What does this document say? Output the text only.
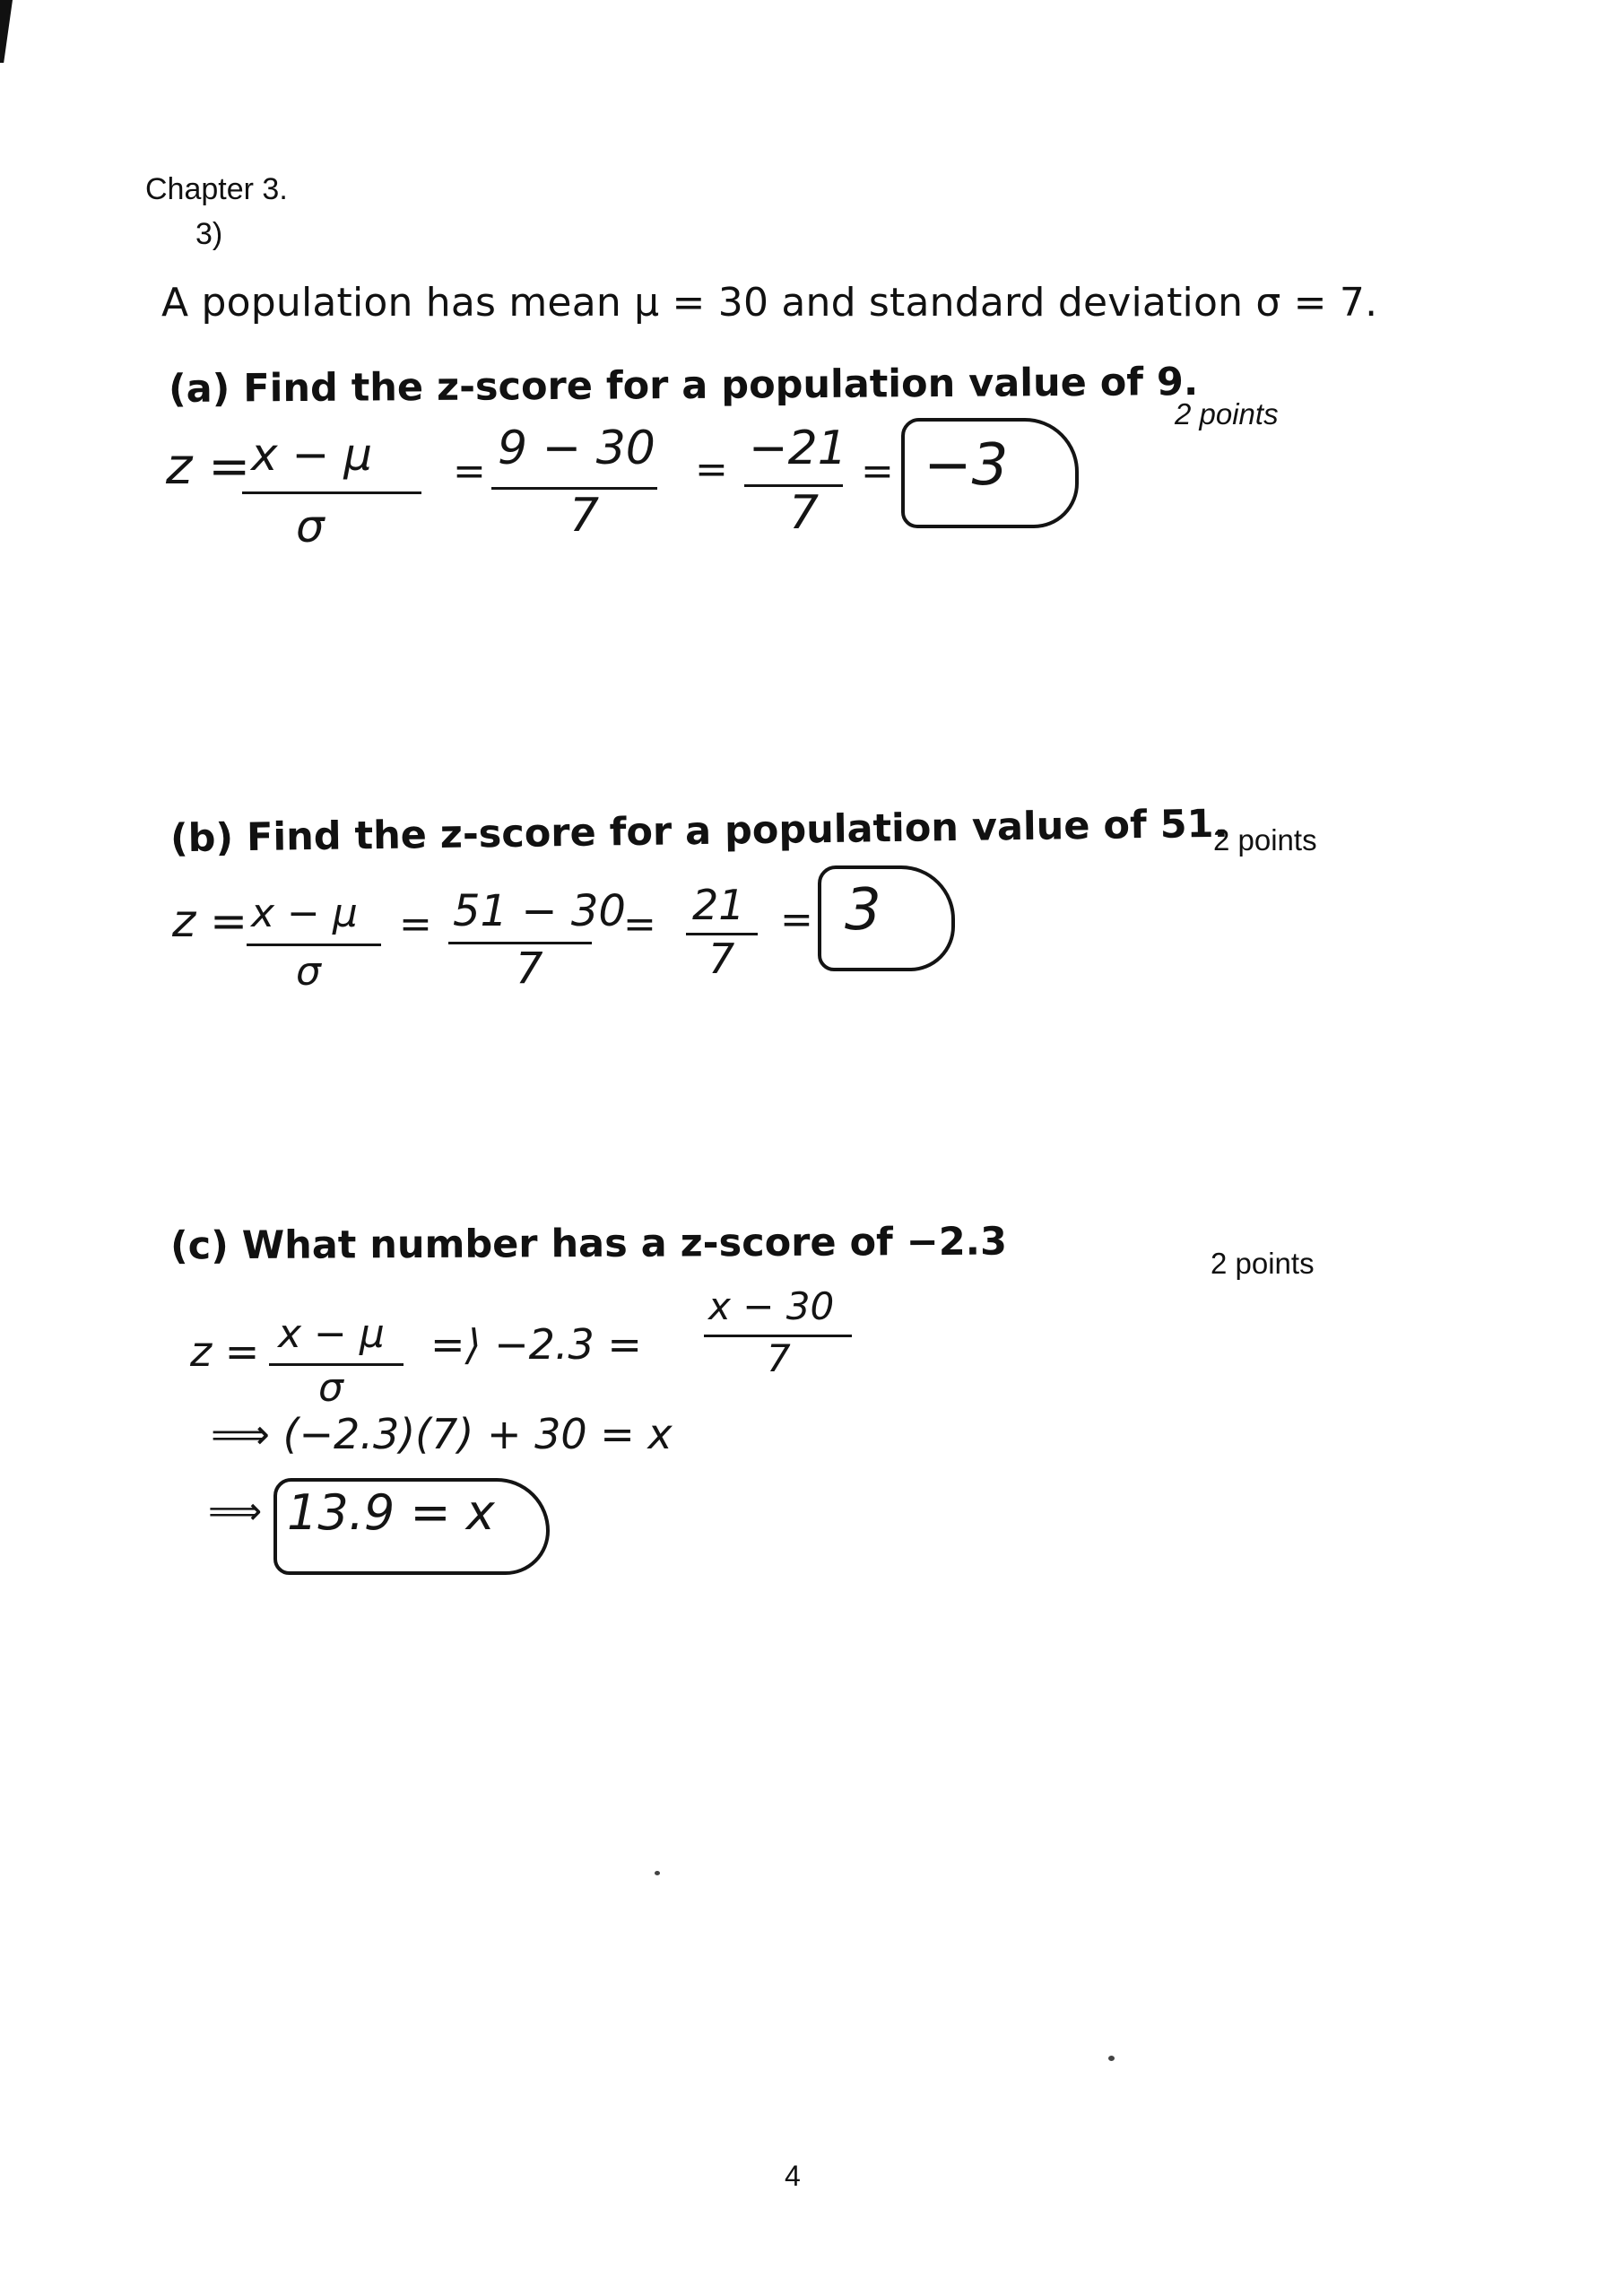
Chapter 3.
3)
A population has mean μ = 30 and standard deviation σ = 7.
(a) Find the z-score for a population value of 9.
2 points
z = x − μ
σ
= 9 − 30
7
= −21
7
= −3
(b) Find the z-score for a population value of 51.
2 points
z = x − μ
σ
= 51 − 30
7
= 21
7
= 3
(c) What number has a z-score of −2.3	2 points
z = x − μ
σ
=⟩ −2.3 =
x − 30
7
⟹ (−2.3)(7) + 30 = x
⟹ 13.9 = x
4
